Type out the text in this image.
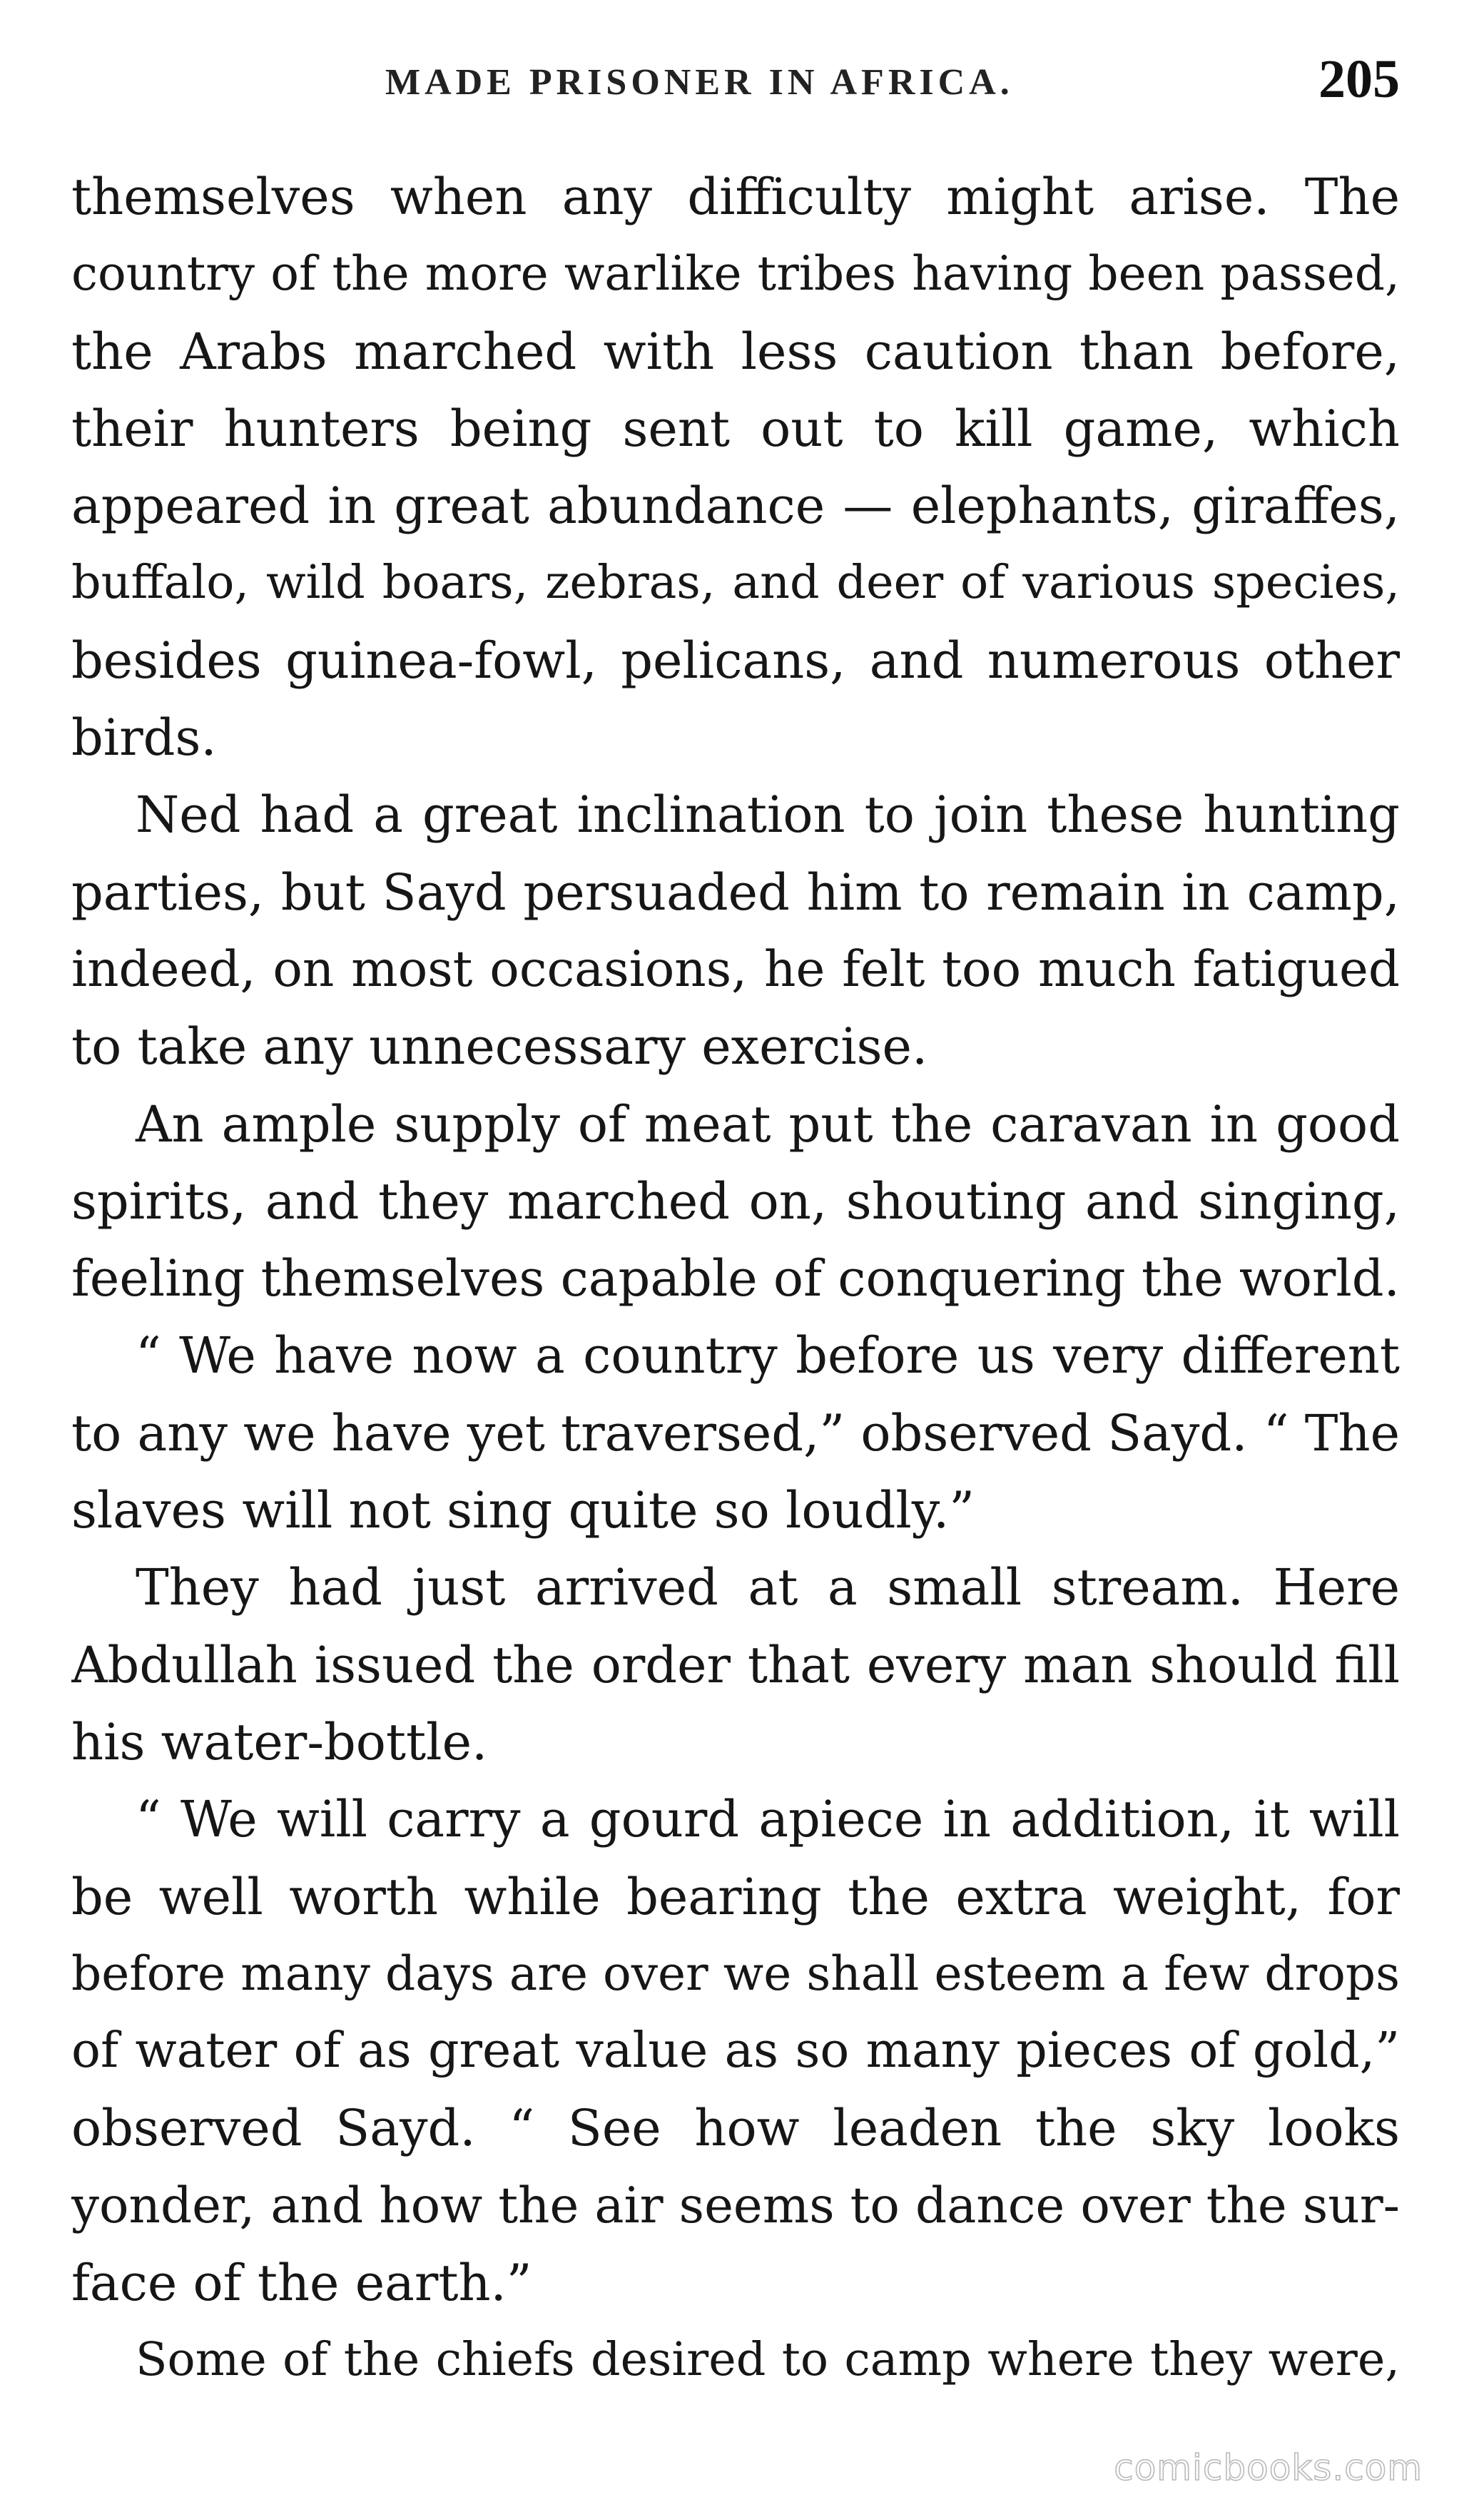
MADE PRISONER IN AFRICA.	205
themselves when any difficulty might arise. The
country of the more warlike tribes having been passed,
the Arabs marched with less caution than before,
their hunters being sent out to kill game, which
appeared in great abundance — elephants, giraffes,
buffalo, wild boars, zebras, and deer of various species,
besides guinea-fowl, pelicans, and numerous other
birds.
Ned had a great inclination to join these hunting
parties, but Sayd persuaded him to remain in camp,
indeed, on most occasions, he felt too much fatigued
to take any unnecessary exercise.
An ample supply of meat put the caravan in good
spirits, and they marched on, shouting and singing,
feeling themselves capable of conquering the world.
“ We have now a country before us very different
to any we have yet traversed,” observed Sayd. “ The
slaves will not sing quite so loudly.”
They had just arrived at a small stream. Here
Abdullah issued the order that every man should fill
his water-bottle.
“ We will carry a gourd apiece in addition, it will
be well worth while bearing the extra weight, for
before many days are over we shall esteem a few drops
of water of as great value as so many pieces of gold,”
observed Sayd. “ See how leaden the sky looks
yonder, and how the air seems to dance over the sur-
face of the earth.”
Some of the chiefs desired to camp where they were,
comicbooks.com
